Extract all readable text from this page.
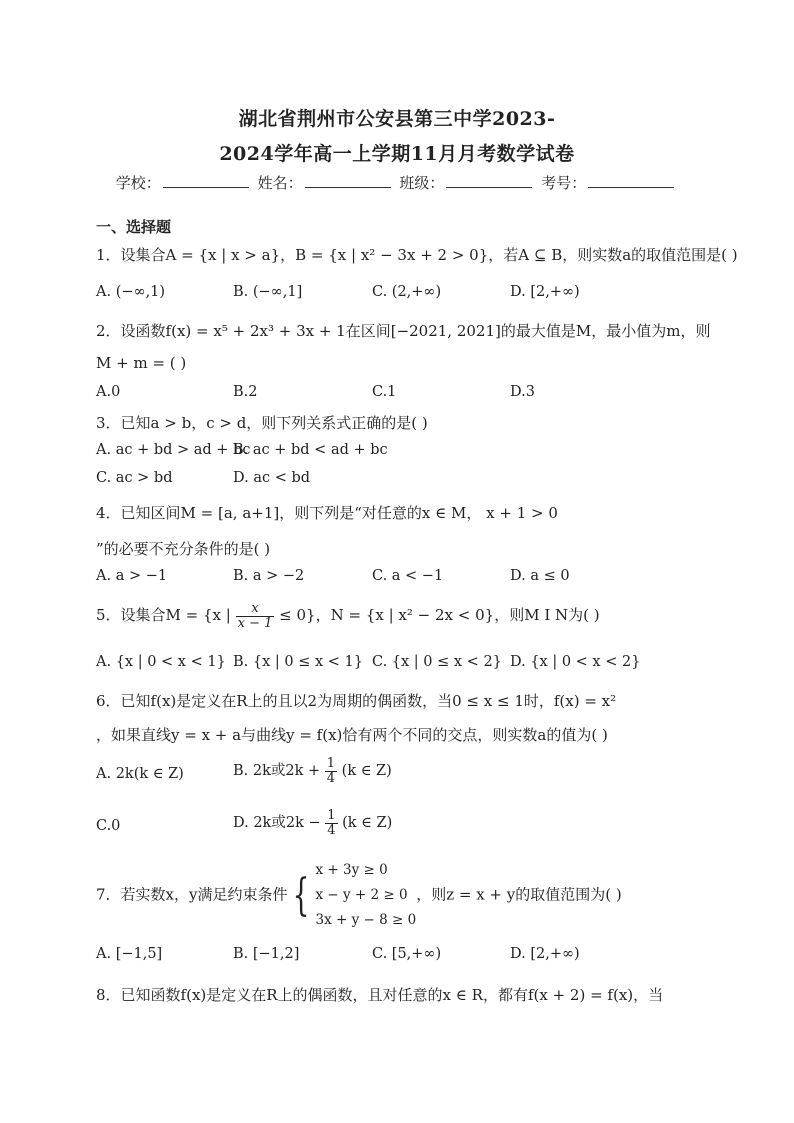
湖北省荆州市公安县第三中学2023-
2024学年高一上学期11月月考数学试卷
学校：	姓名：	班级：	考号：
一、选择题
1．设集合A = {x | x > a}，B = {x | x² − 3x + 2 > 0}，若A ⊆ B，则实数a的取值范围是( )
A. (−∞,1)	B. (−∞,1]	C. (2,+∞)	D. [2,+∞)
2．设函数f(x) = x⁵ + 2x³ + 3x + 1在区间[−2021, 2021]的最大值是M，最小值为m，则
M + m = ( )
A.0	B.2	C.1	D.3
3．已知a > b，c > d，则下列关系式正确的是( )
A. ac + bd > ad + bc
B. ac + bd < ad + bc
C. ac > bd	D. ac < bd
4．已知区间M = [a, a+1]，则下列是“对任意的x ∈ M， x + 1 > 0
”的必要不充分条件的是( )
A. a > −1	B. a > −2	C. a < −1	D. a ≤ 0
5．设集合M = {x | $\frac{x}{x - 1} \le 0$}，N = {x | x² − 2x < 0}，则M I N为( )
A. {x | 0 < x < 1} B. {x | 0 ≤ x < 1} C. {x | 0 ≤ x < 2} D. {x | 0 < x < 2}
6．已知f(x)是定义在R上的且以2为周期的偶函数，当0 ≤ x ≤ 1时，f(x) = x²
，如果直线y = x + a与曲线y = f(x)恰有两个不同的交点，则实数a的值为( )
A. 2k(k ∈ Z)	B. 2k或$2k + \frac{1}{4} (k$ ∈ Z)
C.0	D. 2k或$2k - \frac{1}{4} (k$ ∈ Z)
7．若实数x，y满足约束条件 { x + 3y ≥ 0
x − y + 2 ≥ 0
3x + y − 8 ≥ 0
，则z = x + y的取值范围为( )
A. [−1,5]	B. [−1,2]	C. [5,+∞)	D. [2,+∞)
8．已知函数f(x)是定义在R上的偶函数，且对任意的x ∈ R，都有f(x + 2) = f(x)，当
